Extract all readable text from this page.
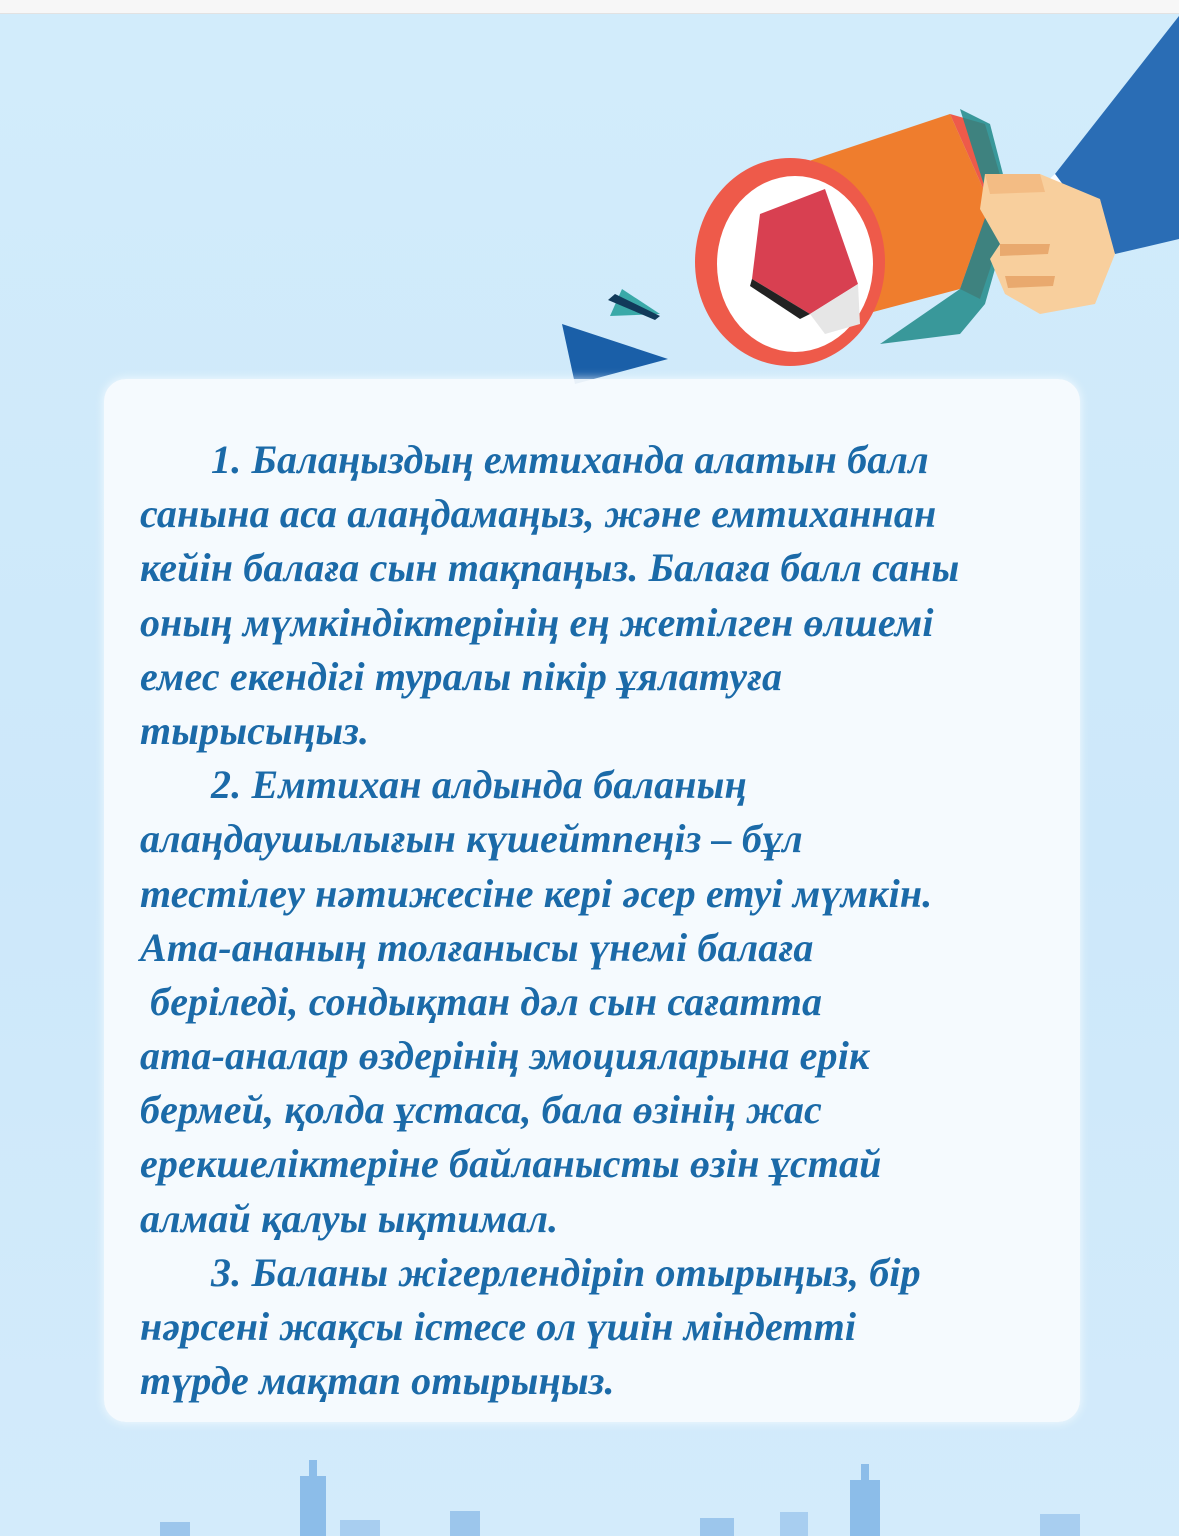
1. Балаңыздың емтиханда алатын балл
санына аса алаңдамаңыз, және емтиханнан
кейін балаға сын тақпаңыз. Балаға балл саны
оның мүмкіндіктерінің ең жетілген өлшемі
емес екендігі туралы пікір ұялатуға
тырысыңыз.
2. Емтихан алдында баланың
алаңдаушылығын күшейтпеңіз – бұл
тестілеу нәтижесіне кері әсер етуі мүмкін.
Ата-ананың толғанысы үнемі балаға
беріледі, сондықтан дәл сын сағатта
ата-аналар өздерінің эмоцияларына ерік
бермей, қолда ұстаса, бала өзінің жас
ерекшеліктеріне байланысты өзін ұстай
алмай қалуы ықтимал.
3. Баланы жігерлендіріп отырыңыз, бір
нәрсені жақсы істесе ол үшін міндетті
түрде мақтап отырыңыз.
